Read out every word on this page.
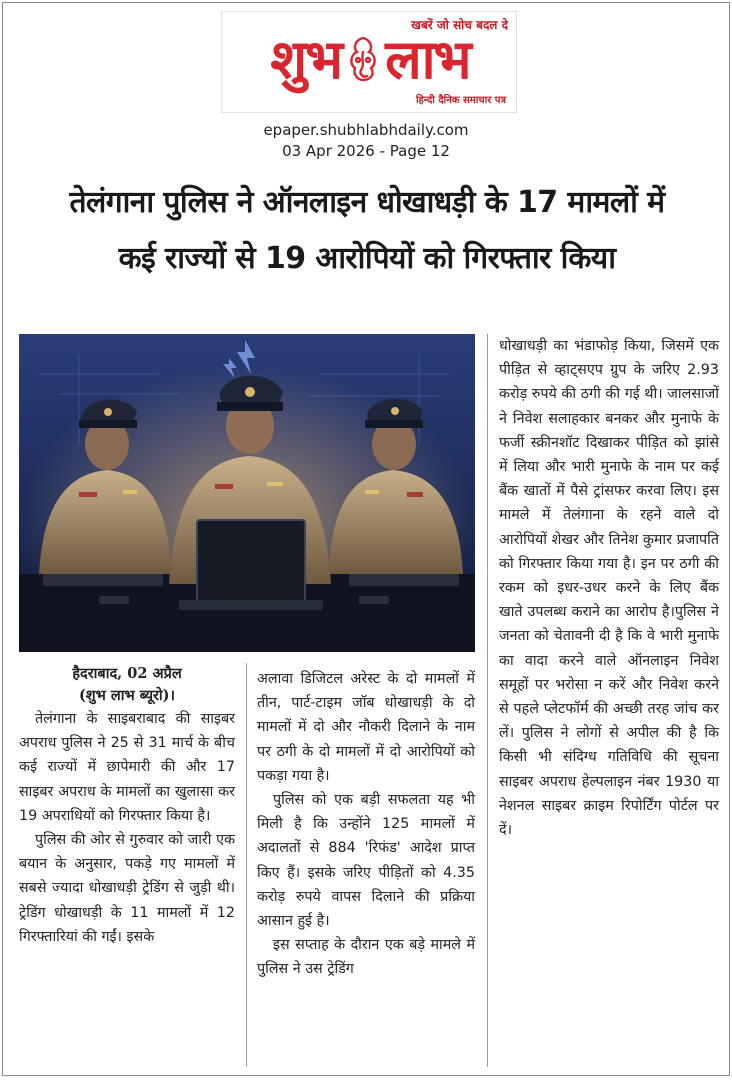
खबरें जो सोच बदल दे
शुभ लाभ
हिन्दी दैनिक समाचार पत्र
epaper.shubhlabhdaily.com
03 Apr 2026 - Page 12
तेलंगाना पुलिस ने ऑनलाइन धोखाधड़ी के 17 मामलों में
कई राज्यों से 19 आरोपियों को गिरफ्तार किया
हैदराबाद, 02 अप्रैल
(शुभ लाभ ब्यूरो)।

तेलंगाना के साइबराबाद की साइबर अपराध पुलिस ने 25 से 31 मार्च के बीच कई राज्यों में छापेमारी की और 17 साइबर अपराध के मामलों का खुलासा कर 19 अपराधियों को गिरफ्तार किया है।

पुलिस की ओर से गुरुवार को जारी एक बयान के अनुसार, पकड़े गए मामलों में सबसे ज्यादा धोखाधड़ी ट्रेडिंग से जुड़ी थी। ट्रेडिंग धोखाधड़ी के 11 मामलों में 12 गिरफ्तारियां की गईं। इसके

अलावा डिजिटल अरेस्ट के दो मामलों में तीन, पार्ट-टाइम जॉब धोखाधड़ी के दो मामलों में दो और नौकरी दिलाने के नाम पर ठगी के दो मामलों में दो आरोपियों को पकड़ा गया है।

पुलिस को एक बड़ी सफलता यह भी मिली है कि उन्होंने 125 मामलों में अदालतों से 884 'रिफंड' आदेश प्राप्त किए हैं। इसके जरिए पीड़ितों को 4.35 करोड़ रुपये वापस दिलाने की प्रक्रिया आसान हुई है।

इस सप्ताह के दौरान एक बड़े मामले में पुलिस ने उस ट्रेडिंग

धोखाधड़ी का भंडाफोड़ किया, जिसमें एक पीड़ित से व्हाट्सएप ग्रुप के जरिए 2.93 करोड़ रुपये की ठगी की गई थी। जालसाजों ने निवेश सलाहकार बनकर और मुनाफे के फर्जी स्क्रीनशॉट दिखाकर पीड़ित को झांसे में लिया और भारी मुनाफे के नाम पर कई बैंक खातों में पैसे ट्रांसफर करवा लिए। इस मामले में तेलंगाना के रहने वाले दो आरोपियों शेखर और तिनेश कुमार प्रजापति को गिरफ्तार किया गया है। इन पर ठगी की रकम को इधर-उधर करने के लिए बैंक खाते उपलब्ध कराने का आरोप है।पुलिस ने जनता को चेतावनी दी है कि वे भारी मुनाफे का वादा करने वाले ऑनलाइन निवेश समूहों पर भरोसा न करें और निवेश करने से पहले प्लेटफॉर्म की अच्छी तरह जांच कर लें। पुलिस ने लोगों से अपील की है कि किसी भी संदिग्ध गतिविधि की सूचना साइबर अपराध हेल्पलाइन नंबर 1930 या नेशनल साइबर क्राइम रिपोर्टिंग पोर्टल पर दें।
